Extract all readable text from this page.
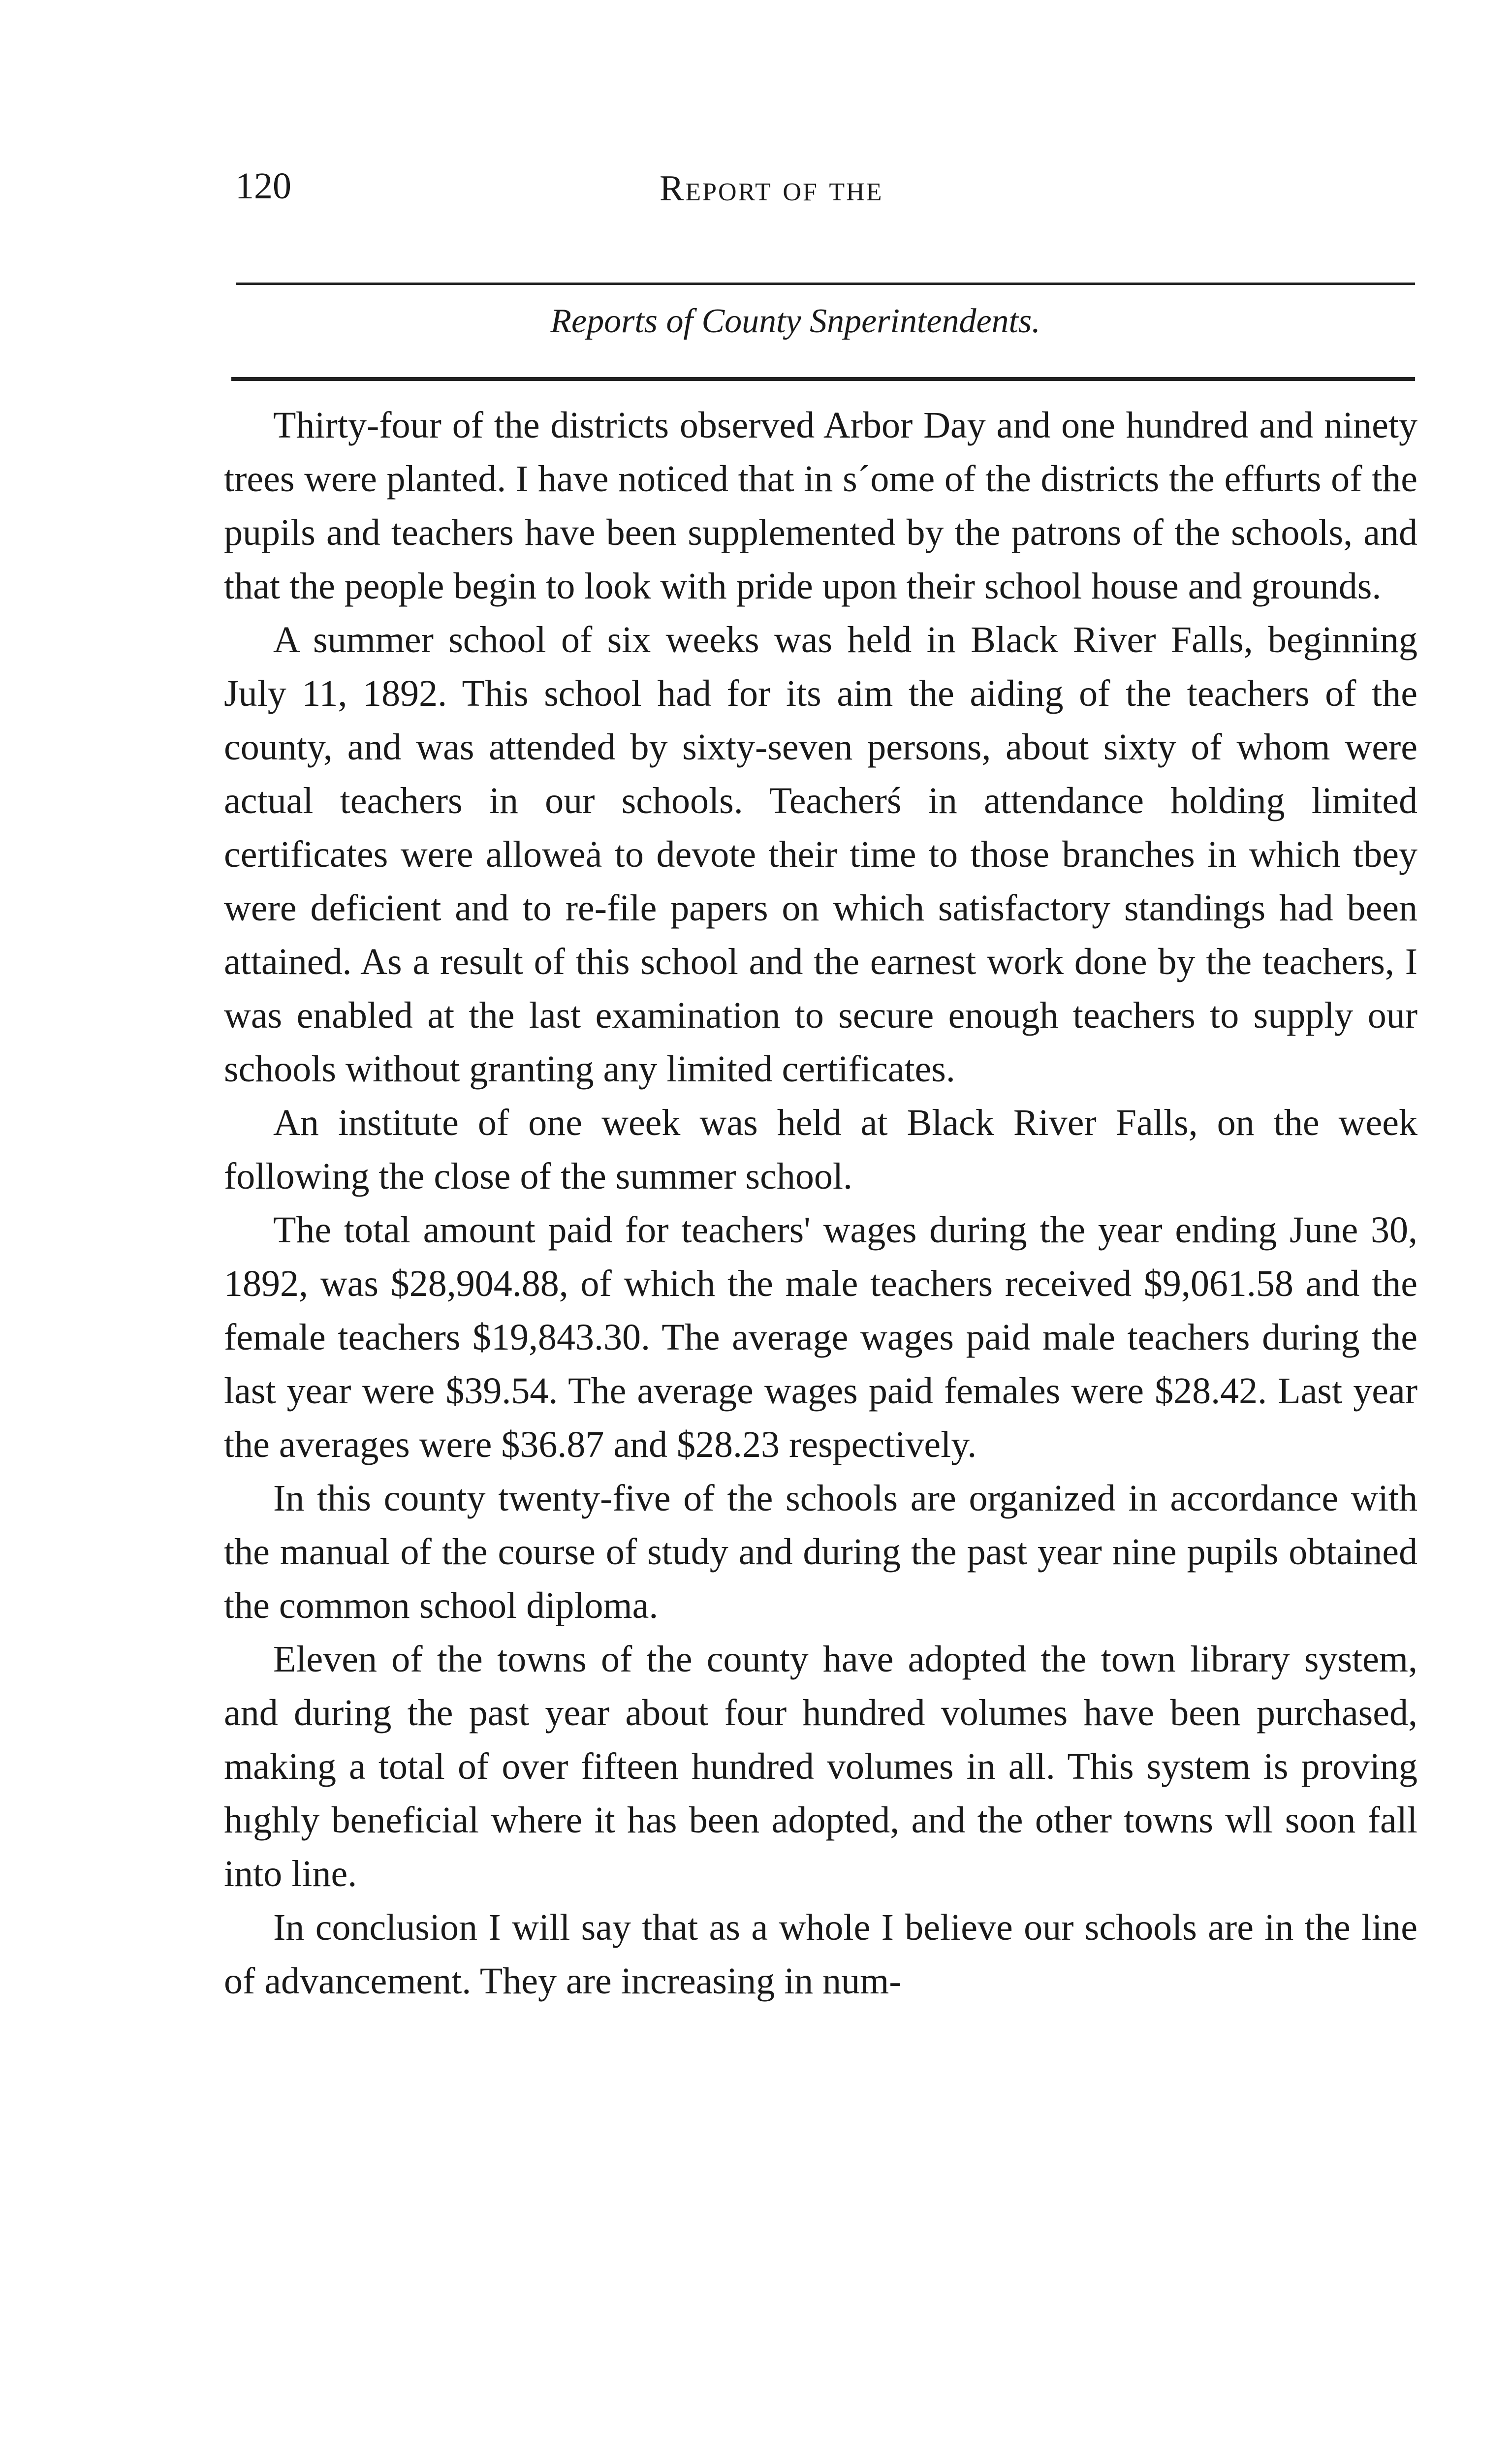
120	Report of the
Reports of County Snperintendents.

Thirty-four of the districts observed Arbor Day and one hundred and ninety trees were planted. I have noticed that in sˊome of the districts the effurts of the pupils and teachers have been supplemented by the patrons of the schools, and that the people begin to look with pride upon their school house and grounds.

A summer school of six weeks was held in Black River Falls, beginning July 11, 1892. This school had for its aim the aiding of the teachers of the county, and was attended by sixty-seven persons, about sixty of whom were actual teachers in our schools. Teacherś in attendance holding limited certificates were alloweȧ to devote their time to those branches in which tbey were deficient and to re-file papers on which satisfactory standings had been attained. As a result of this school and the earnest work done by the teachers, I was enabled at the last examination to secure enough teachers to supply our schools without granting any limited certificates.

An institute of one week was held at Black River Falls, on the week following the close of the summer school.

The total amount paid for teachers' wages during the year ending June 30, 1892, was $28,904.88, of which the male teachers received $9,061.58 and the female teachers $19,843.30. The average wages paid male teachers during the last year were $39.54. The average wages paid females were $28.42. Last year the averages were $36.87 and $28.23 respectively.

In this county twenty-five of the schools are organized in accordance with the manual of the course of study and during the past year nine pupils obtained the common school diploma.

Eleven of the towns of the county have adopted the town library system, and during the past year about four hundred volumes have been purchased, making a total of over fifteen hundred volumes in all. This system is proving hıghly beneficial where it has been adopted, and the other towns wll soon fall into line.

In conclusion I will say that as a whole I believe our schools are in the line of advancement. They are increasing in num-
